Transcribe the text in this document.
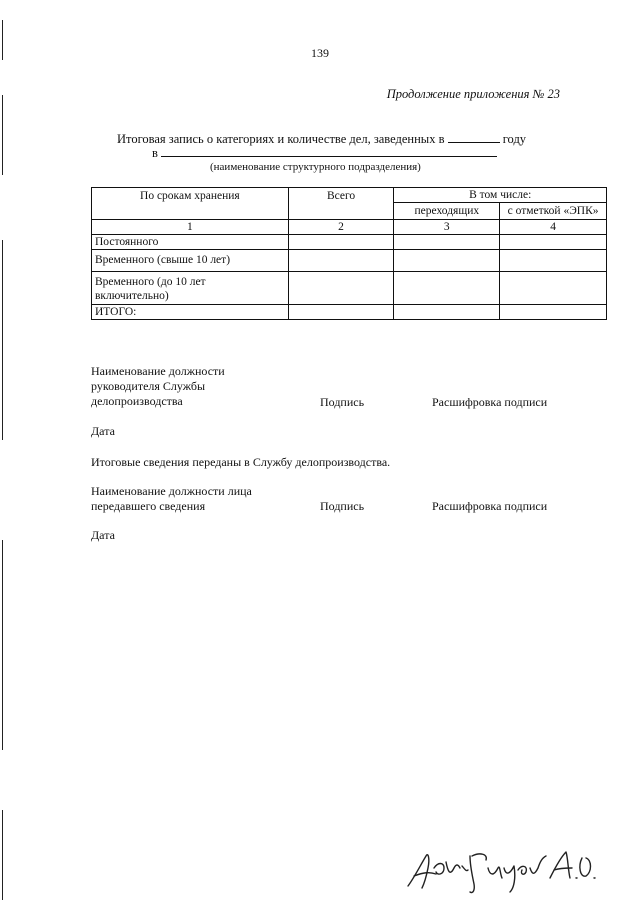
139
Продолжение приложения № 23
Итоговая запись о категориях и количестве дел, заведенных в	году
в
(наименование структурного подразделения)
По срокам хранения	Всего	В том числе:	
		переходящих	с отметкой «ЭПК»
1	2	3	4
Постоянного			
Временного (свыше 10 лет)			
Временного (до 10 лет включительно)			
ИТОГО:			
Наименование должности руководителя Службы делопроизводства	Подпись	Расшифровка подписи
Дата
Итоговые сведения переданы в Службу делопроизводства.
Наименование должности лица передавшего сведения	Подпись	Расшифровка подписи
Дата
